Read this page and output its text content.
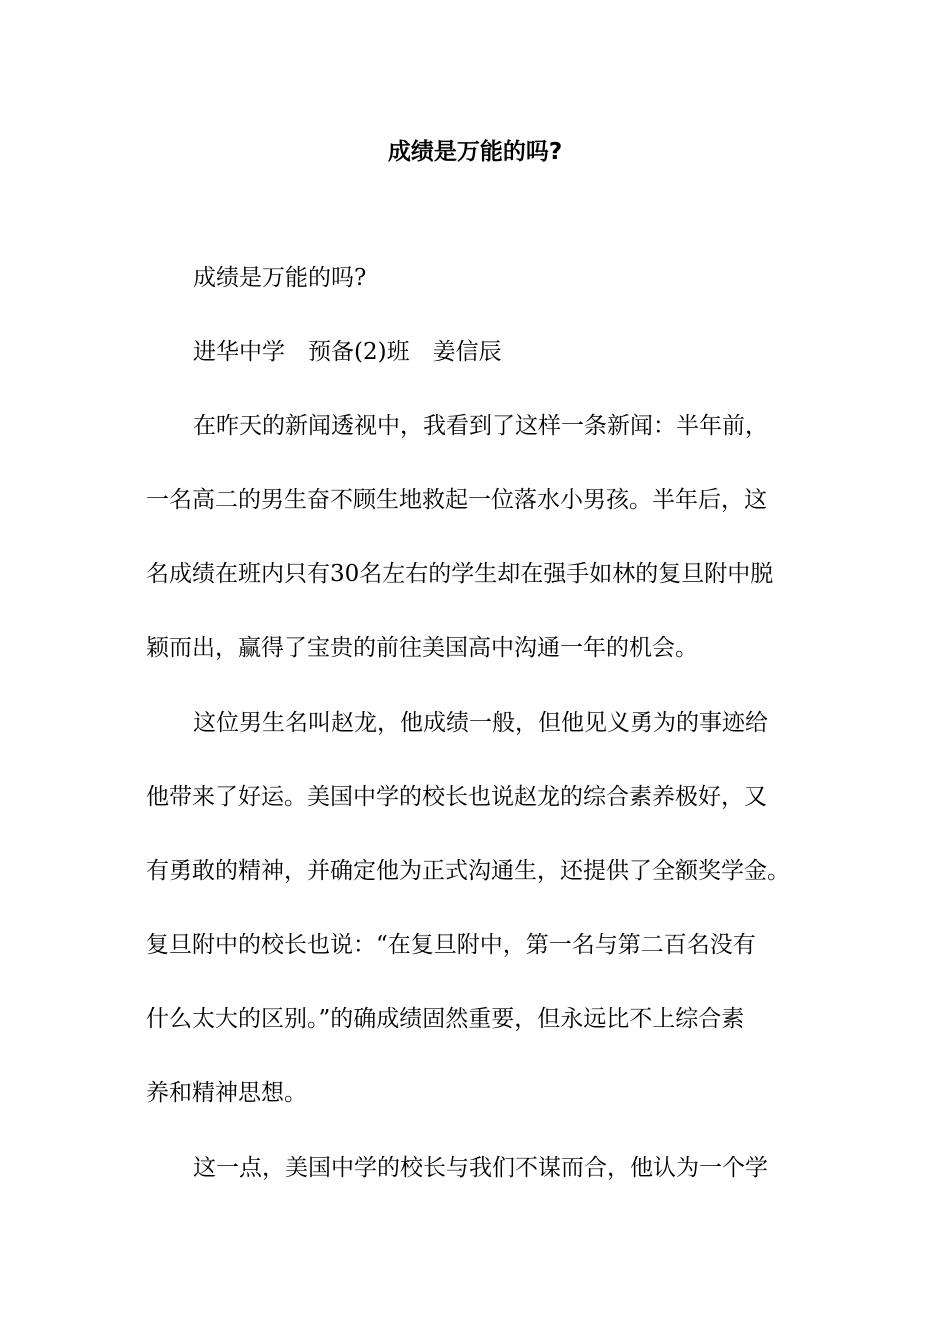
成绩是万能的吗?

成绩是万能的吗?

进华中学　预备(2)班　姜信辰

在昨天的新闻透视中，我看到了这样一条新闻：半年前，

一名高二的男生奋不顾生地救起一位落水小男孩。半年后，这

名成绩在班内只有30名左右的学生却在强手如林的复旦附中脱

颖而出，赢得了宝贵的前往美国高中沟通一年的机会。

这位男生名叫赵龙，他成绩一般，但他见义勇为的事迹给

他带来了好运。美国中学的校长也说赵龙的综合素养极好，又

有勇敢的精神，并确定他为正式沟通生，还提供了全额奖学金。

复旦附中的校长也说：“在复旦附中，第一名与第二百名没有

什么太大的区别。”的确成绩固然重要，但永远比不上综合素

养和精神思想。

这一点，美国中学的校长与我们不谋而合，他认为一个学
